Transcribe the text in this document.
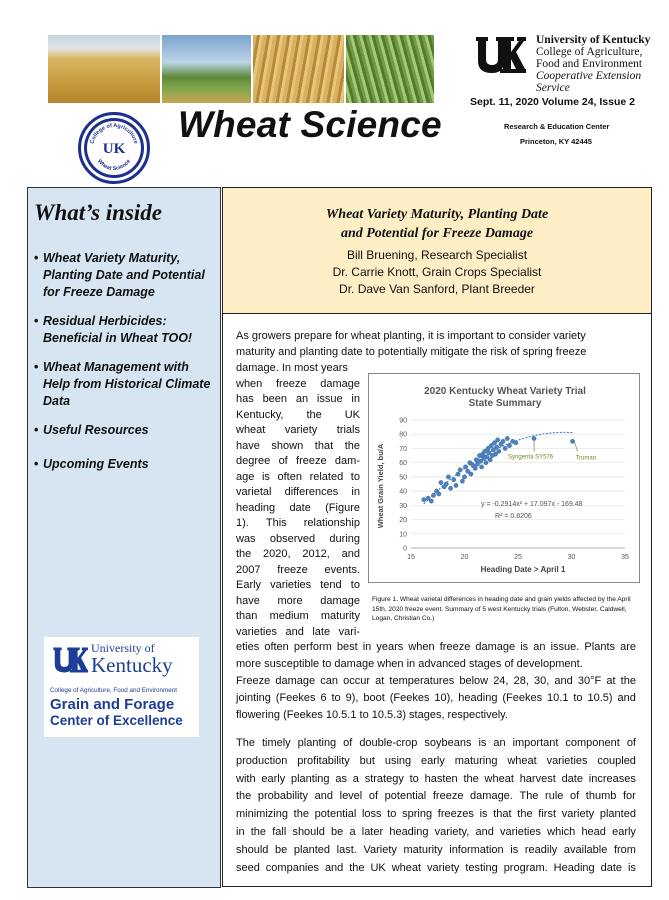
College of Agriculture
Wheat Science
UK
Wheat Science
University of Kentucky
College of Agriculture,
Food and Environment
Cooperative Extension Service
Sept. 11, 2020 Volume 24, Issue 2
Research & Education Center
Princeton, KY 42445
What’s inside
• Wheat Variety Maturity, Planting Date and Potential for Freeze Damage
• Residual Herbicides: Beneficial in Wheat TOO!
• Wheat Management with Help from Historical Climate Data
• Useful Resources
• Upcoming Events
University of
Kentucky
College of Agriculture, Food and Environment
Grain and Forage
Center of Excellence
Wheat Variety Maturity, Planting Date
and Potential for Freeze Damage
Bill Bruening, Research Specialist
Dr. Carrie Knott, Grain Crops Specialist
Dr. Dave Van Sanford, Plant Breeder
As growers prepare for wheat planting, it is important to consider variety
maturity and planting date to potentially mitigate the risk of spring freeze
damage. In most years
when freeze damage
has been an issue in
Kentucky, the UK
wheat variety trials
have shown that the
degree of freeze dam-
age is often related to
varietal differences in
heading date (Figure
1). This relationship
was observed during
the 2020, 2012, and
2007 freeze events.
Early varieties tend to
have more damage
than medium maturity
varieties and late vari-
2020 Kentucky Wheat Variety Trial
State Summary
Wheat Grain Yield, bu/A
Heading Date > April 1
0
10
20
30
40
50
60
70
80
90
15	20	25	30	35
Truman
Syngenta SY576
y = -0.2914x² + 17.097x - 169.48
R² = 0.8206
Figure 1. Wheat varietal differences in heading date and grain yields affected by the April 15th, 2020 freeze event. Summary of 5 west Kentucky trials (Fulton, Webster, Caldwell, Logan, Christian Co.)
eties often perform best in years when freeze damage is an issue. Plants are
more susceptible to damage when in advanced stages of development.
Freeze damage can occur at temperatures below 24, 28, 30, and 30°F at the
jointing (Feekes 6 to 9), boot (Feekes 10), heading (Feekes 10.1 to 10.5) and
flowering (Feekes 10.5.1 to 10.5.3) stages, respectively.
The timely planting of double-crop soybeans is an important component of
production profitability but using early maturing wheat varieties coupled
with early planting as a strategy to hasten the wheat harvest date increases
the probability and level of potential freeze damage. The rule of thumb for
minimizing the potential loss to spring freezes is that the first variety planted
in the fall should be a later heading variety, and varieties which head early
should be planted last. Variety maturity information is readily available from
seed companies and the UK wheat variety testing program. Heading date is
